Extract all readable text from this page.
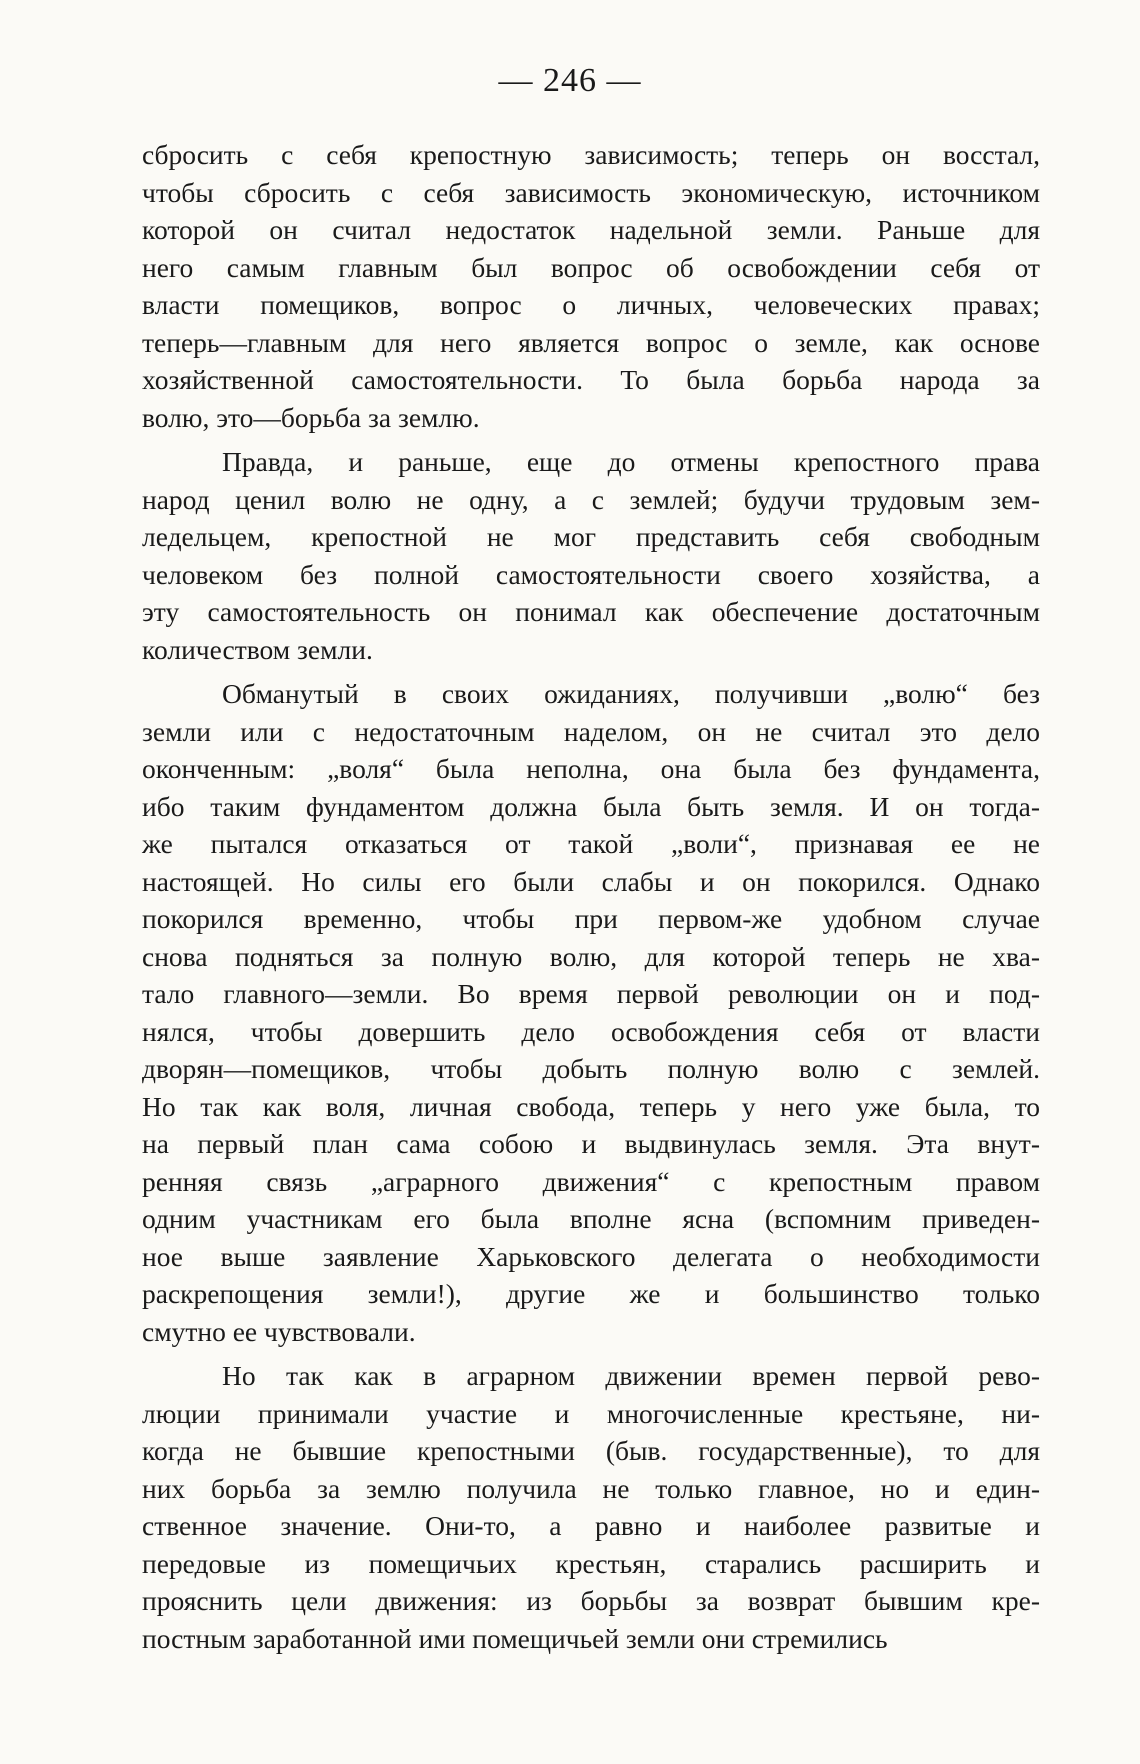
— 246 —
сбросить с себя крепостную зависимость; теперь он восстал,
чтобы сбросить с себя зависимость экономическую, источником
которой он считал недостаток надельной земли. Раньше для
него самым главным был вопрос об освобождении себя от
власти помещиков, вопрос о личных, человеческих правах;
теперь—главным для него является вопрос о земле, как основе
хозяйственной самостоятельности. То была борьба народа за
волю, это—борьба за землю.
Правда, и раньше, еще до отмены крепостного права
народ ценил волю не одну, а с землей; будучи трудовым зем-
ледельцем, крепостной не мог представить себя свободным
человеком без полной самостоятельности своего хозяйства, а
эту самостоятельность он понимал как обеспечение достаточным
количеством земли.
Обманутый в своих ожиданиях, получивши „волю“ без
земли или с недостаточным наделом, он не считал это дело
оконченным: „воля“ была неполна, она была без фундамента,
ибо таким фундаментом должна была быть земля. И он тогда-
же пытался отказаться от такой „воли“, признавая ее не
настоящей. Но силы его были слабы и он покорился. Однако
покорился временно, чтобы при первом-же удобном случае
снова подняться за полную волю, для которой теперь не хва-
тало главного—земли. Во время первой революции он и под-
нялся, чтобы довершить дело освобождения себя от власти
дворян—помещиков, чтобы добыть полную волю с землей.
Но так как воля, личная свобода, теперь у него уже была, то
на первый план сама собою и выдвинулась земля. Эта внут-
ренняя связь „аграрного движения“ с крепостным правом
одним участникам его была вполне ясна (вспомним приведен-
ное выше заявление Харьковского делегата о необходимости
раскрепощения земли!), другие же и большинство только
смутно ее чувствовали.
Но так как в аграрном движении времен первой рево-
люции принимали участие и многочисленные крестьяне, ни-
когда не бывшие крепостными (быв. государственные), то для
них борьба за землю получила не только главное, но и един-
ственное значение. Они-то, а равно и наиболее развитые и
передовые из помещичьих крестьян, старались расширить и
прояснить цели движения: из борьбы за возврат бывшим кре-
постным заработанной ими помещичьей земли они стремились
